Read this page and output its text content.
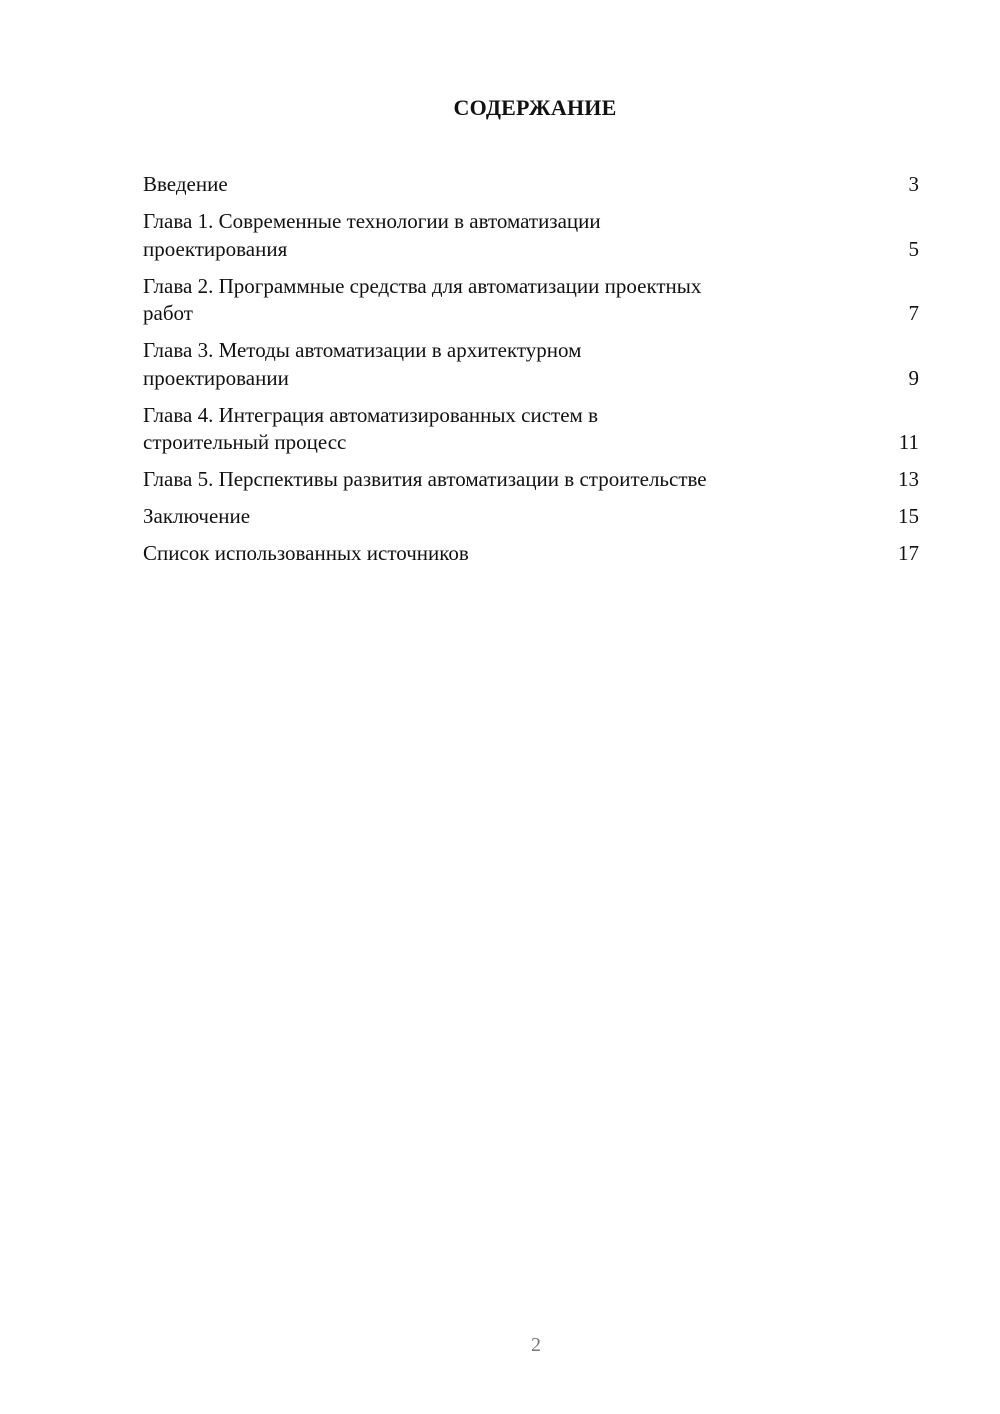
СОДЕРЖАНИЕ
Введение	3
Глава 1. Современные технологии в автоматизации
проектирования	5
Глава 2. Программные средства для автоматизации проектных
работ	7
Глава 3. Методы автоматизации в архитектурном
проектировании	9
Глава 4. Интеграция автоматизированных систем в
строительный процесс	11
Глава 5. Перспективы развития автоматизации в строительстве	13
Заключение	15
Список использованных источников	17
2
